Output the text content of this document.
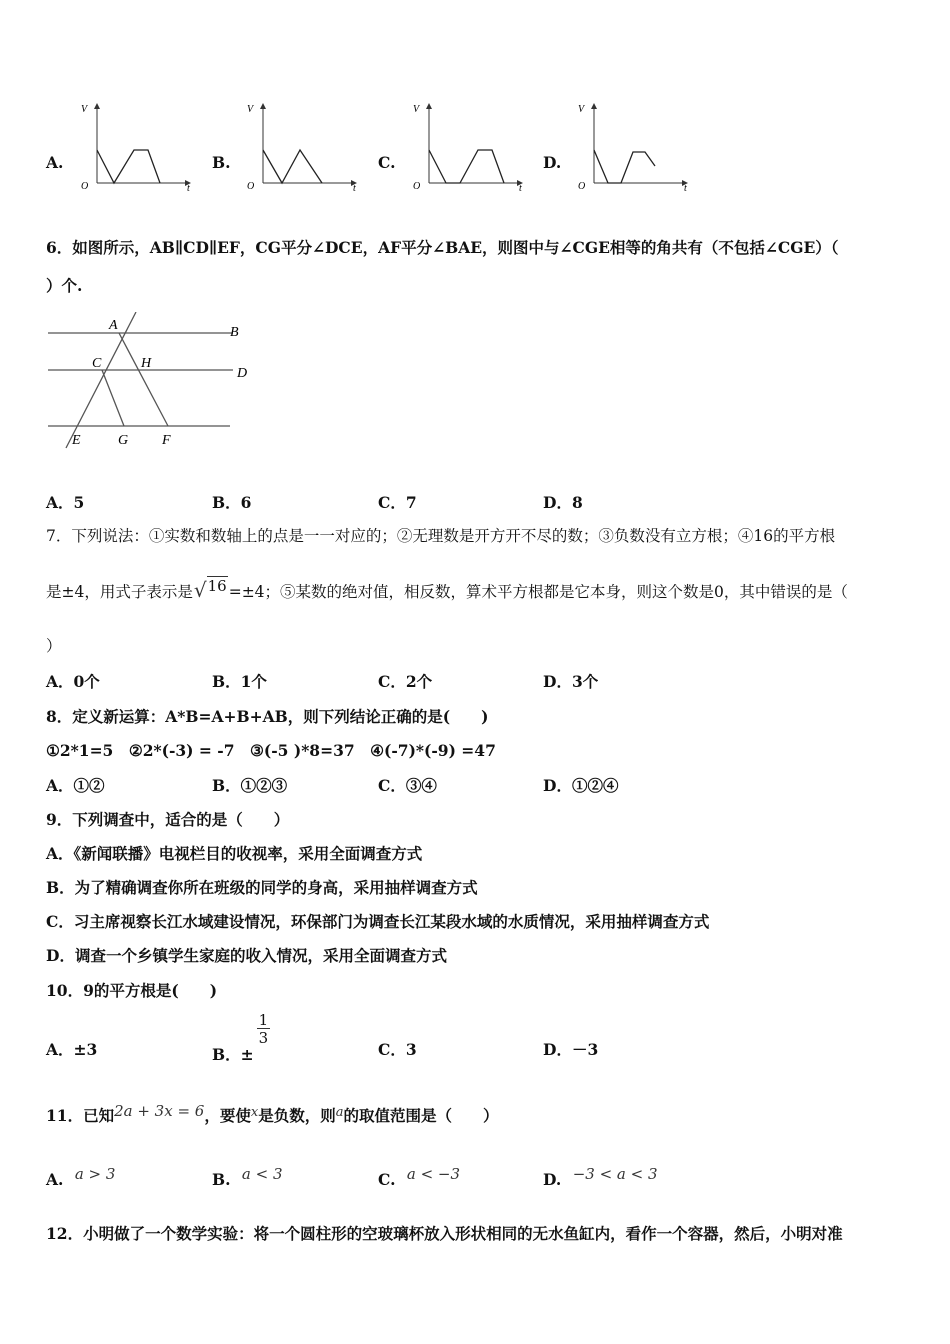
A.
V
O	t
B.
V
O	t
C.
V
O	t
D.
V
O	t
6．如图所示，AB∥CD∥EF，CG平分∠DCE，AF平分∠BAE，则图中与∠CGE相等的角共有（不包括∠CGE）（
）个.
A	B
C	H
D
E	G F
A．5	B．6	C．7	D．8
7．下列说法：①实数和数轴上的点是一一对应的；②无理数是开方开不尽的数；③负数没有立方根；④16的平方根
是±4，用式子表示是√16 =±4；⑤某数的绝对值，相反数，算术平方根都是它本身，则这个数是0，其中错误的是（
）
A．0个	B．1个	C．2个	D．3个
8．定义新运算：A*B=A+B+AB，则下列结论正确的是(　　)
①2*1=5　②2*(-3) = -7　③(-5 )*8=37　④(-7)*(-9) =47
A．①②	B．①②③	C．③④	D．①②④
9．下列调查中，适合的是（　　）
A．《新闻联播》电视栏目的收视率，采用全面调查方式
B．为了精确调查你所在班级的同学的身高，采用抽样调查方式
C．习主席视察长江水域建设情况，环保部门为调查长江某段水域的水质情况，采用抽样调查方式
D．调查一个乡镇学生家庭的收入情况，采用全面调查方式
10．9的平方根是(　　)
A．±3	B．±
$\frac{1}{3}$
C．3	D．－3
11．已知2a + 3x = 6，要使$^x$是负数，则$^a$的取值范围是（　　）
A. a > 3	B. a < 3	C. a < −3	D. −3 < a < 3
12．小明做了一个数学实验：将一个圆柱形的空玻璃杯放入形状相同的无水鱼缸内，看作一个容器，然后，小明对准
